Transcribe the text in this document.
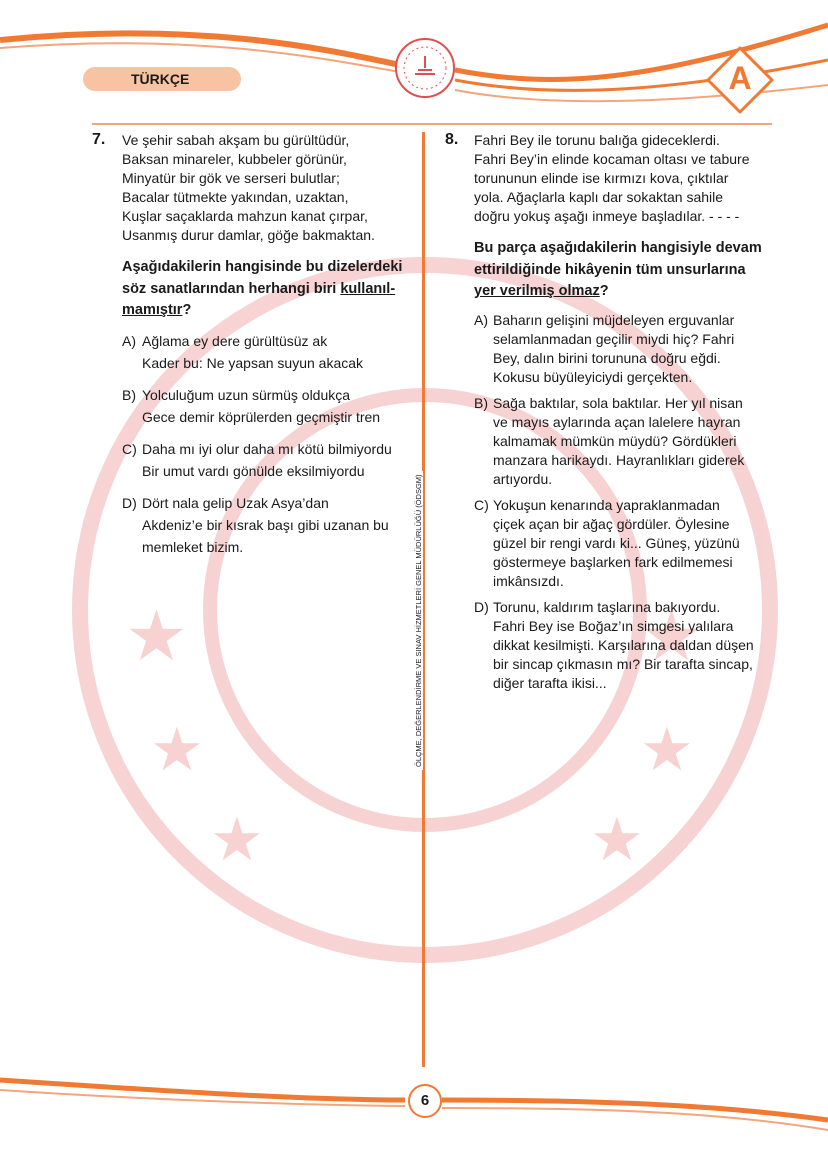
★
★
★
★
★
★
A
TÜRKÇE
ÖLÇME, DEĞERLENDİRME VE SINAV HİZMETLERİ GENEL MÜDÜRLÜĞÜ (ÖDSGM)
7. Ve şehir sabah akşam bu gürültüdür,
Baksan minareler, kubbeler görünür,
Minyatür bir gök ve serseri bulutlar;
Bacalar tütmekte yakından, uzaktan,
Kuşlar saçaklarda mahzun kanat çırpar,
Usanmış durur damlar, göğe bakmaktan.
Aşağıdakilerin hangisinde bu dizelerdeki
söz sanatlarından herhangi biri kullanıl-
mamıştır?
A) Ağlama ey dere gürültüsüz ak
Kader bu: Ne yapsan suyun akacak
B) Yolculuğum uzun sürmüş oldukça
Gece demir köprülerden geçmiştir tren
C) Daha mı iyi olur daha mı kötü bilmiyordu
Bir umut vardı gönülde eksilmiyordu
D) Dört nala gelip Uzak Asya’dan
Akdeniz’e bir kısrak başı gibi uzanan bu
memleket bizim.
8. Fahri Bey ile torunu balığa gideceklerdi.
Fahri Bey’in elinde kocaman oltası ve tabure
torununun elinde ise kırmızı kova, çıktılar
yola. Ağaçlarla kaplı dar sokaktan sahile
doğru yokuş aşağı inmeye başladılar. - - - -
Bu parça aşağıdakilerin hangisiyle devam
ettirildiğinde hikâyenin tüm unsurlarına
yer verilmiş olmaz?
A) Baharın gelişini müjdeleyen erguvanlar
selamlanmadan geçilir miydi hiç? Fahri
Bey, dalın birini torununa doğru eğdi.
Kokusu büyüleyiciydi gerçekten.
B) Sağa baktılar, sola baktılar. Her yıl nisan
ve mayıs aylarında açan lalelere hayran
kalmamak mümkün müydü? Gördükleri
manzara harikaydı. Hayranlıkları giderek
artıyordu.
C) Yokuşun kenarında yapraklanmadan
çiçek açan bir ağaç gördüler. Öylesine
güzel bir rengi vardı ki... Güneş, yüzünü
göstermeye başlarken fark edilmemesi
imkânsızdı.
D) Torunu, kaldırım taşlarına bakıyordu.
Fahri Bey ise Boğaz’ın simgesi yalılara
dikkat kesilmişti. Karşılarına daldan düşen
bir sincap çıkmasın mı? Bir tarafta sincap,
diğer tarafta ikisi...
6
